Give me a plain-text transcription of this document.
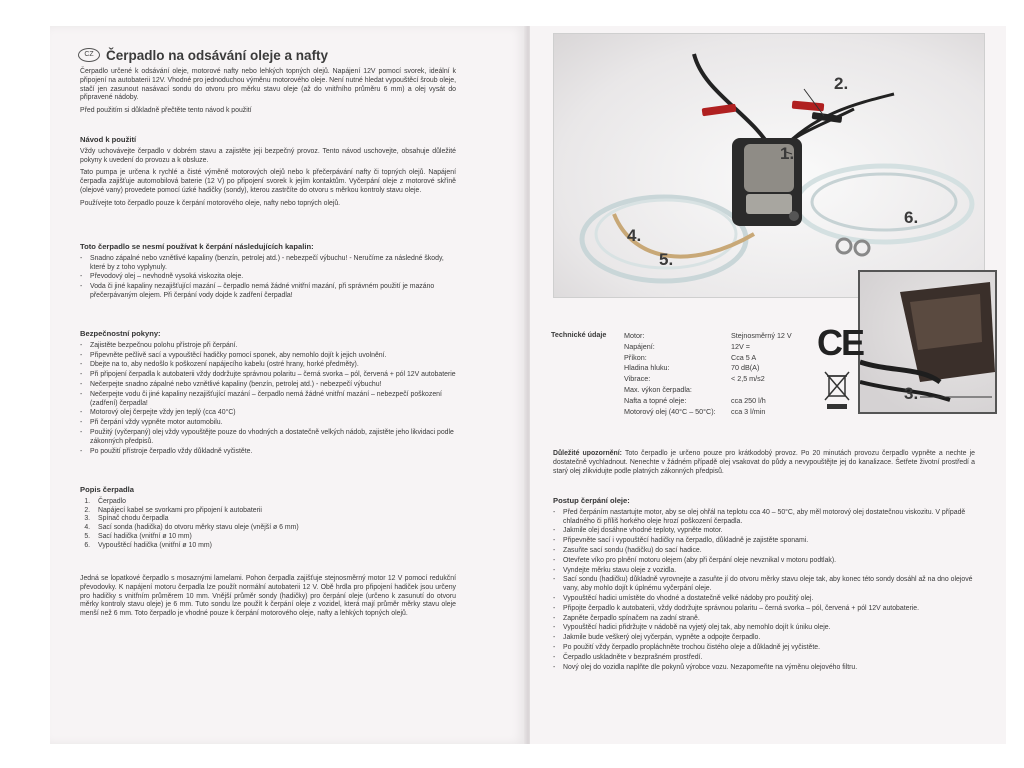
CZ Čerpadlo na odsávání oleje a nafty

Čerpadlo určené k odsávání oleje, motorové nafty nebo lehkých topných olejů. Napájení 12V pomocí svorek, ideální k připojení na autobaterii 12V. Vhodné pro jednoduchou výměnu motorového oleje. Není nutné hledat vypouštěcí šroub oleje, stačí jen zasunout nasávací sondu do otvoru pro měrku stavu oleje (až do vnitřního průměru 6 mm) a olej vysát do připravené nádoby.

Před použitím si důkladně přečtěte tento návod k použití

Návod k použití

Vždy uchovávejte čerpadlo v dobrém stavu a zajistěte jeji bezpečný provoz. Tento návod uschovejte, obsahuje důležité pokyny k uvedení do provozu a k obsluze.

Tato pumpa je určena k rychlé a čisté výměně motorových olejů nebo k přečerpávání nafty či topných olejů. Napájení čerpadla zajišťuje automobilová baterie (12 V) po připojení svorek k jejím kontaktům. Vyčerpání oleje z motorové skříně (olejové vany) provedete pomocí úzké hadičky (sondy), kterou zastrčíte do otvoru s měrkou kontroly stavu oleje.

Používejte toto čerpadlo pouze k čerpání motorového oleje, nafty nebo topných olejů.

Toto čerpadlo se nesmí používat k čerpání následujících kapalin:
- Snadno zápalné nebo vznětlivé kapaliny (benzín, petrolej atd.) - nebezpečí výbuchu! - Neručíme za následné škody, které by z toho vyplynuly.
- Převodový olej – nevhodně vysoká viskozita oleje.
- Voda či jiné kapaliny nezajišťující mazání – čerpadlo nemá žádné vnitřní mazání, při správném použití je mazáno přečerpávaným olejem. Při čerpání vody dojde k zadření čerpadla!
Bezpečnostní pokyny:
- Zajistěte bezpečnou polohu přístroje při čerpání.
- Připevněte pečlivě sací a vypouštěcí hadičky pomocí sponek, aby nemohlo dojít k jejich uvolnění.
- Dbejte na to, aby nedošlo k poškození napájecího kabelu (ostré hrany, horké předměty).
- Při připojení čerpadla k autobaterii vždy dodržujte správnou polaritu – černá svorka – pól, červená + pól 12V autobaterie
- Nečerpejte snadno zápalné nebo vznětlivé kapaliny (benzín, petrolej atd.) - nebezpečí výbuchu!
- Nečerpejte vodu či jiné kapaliny nezajišťující mazání – čerpadlo nemá žádné vnitřní mazání – nebezpečí poškození (zadření) čerpadla!
- Motorový olej čerpejte vždy jen teplý (cca 40°C)
- Při čerpání vždy vypněte motor automobilu.
- Použitý (vyčerpaný) olej vždy vypouštějte pouze do vhodných a dostatečně velkých nádob, zajistěte jeho likvidaci podle zákonných předpisů.
- Po použití přístroje čerpadlo vždy důkladně vyčistěte.
Popis čerpadla
1. Čerpadlo
2. Napájecí kabel se svorkami pro připojení k autobaterii
3. Spínač chodu čerpadla
4. Sací sonda (hadička) do otvoru měrky stavu oleje (vnější ø 6 mm)
5. Sací hadička (vnitřní ø 10 mm)
6. Vypouštěcí hadička (vnitřní ø 10 mm)

Jedná se lopatkové čerpadlo s mosaznými lamelami. Pohon čerpadla zajišťuje stejnosměrný motor 12 V pomocí redukční převodovky. K napájení motoru čerpadla lze použít normální autobaterii 12 V. Obě hrdla pro připojení hadiček jsou určeny pro hadičky s vnitřním průměrem 10 mm. Vnější průměr sondy (hadičky) pro čerpání oleje (určeno k zasunutí do otvoru měrky kontroly stavu oleje) je 6 mm. Tuto sondu lze použít k čerpání oleje z vozidel, která mají průměr měrky stavu oleje menší než 6 mm. Toto čerpadlo je vhodné pouze k čerpání motorového oleje, nafty a lehkých topných olejů.

1.
2.
4.
5.
6.
3.
Technické údaje Motor:
Napájení:
Příkon:
Hladina hluku:
Vibrace:
Max. výkon čerpadla:
Nafta a topné oleje:
Motorový olej (40°C – 50°C):
Stejnosměrný 12 V
12V =
Cca 5 A
70 dB(A)
< 2,5 m/s2
cca 250 l/h
cca 3 l/min
CE

Důležité upozornění: Toto čerpadlo je určeno pouze pro krátkodobý provoz. Po 20 minutách provozu čerpadlo vypněte a nechte je dostatečně vychladnout. Nenechte v žádném případě olej vsakovat do půdy a nevypouštějte jej do kanalizace. Šetřete životní prostředí a starý olej zlikvidujte podle platných zákonných předpisů.

Postup čerpání oleje:
- Před čerpáním nastartujte motor, aby se olej ohřál na teplotu cca 40 – 50°C, aby měl motorový olej dostatečnou viskozitu. V případě chladného či příliš horkého oleje hrozí poškození čerpadla.
- Jakmile olej dosáhne vhodné teploty, vypněte motor.
- Připevněte sací i vypouštěcí hadičky na čerpadlo, důkladně je zajistěte sponami.
- Zasuňte sací sondu (hadičku) do sací hadice.
- Otevřete víko pro plnění motoru olejem (aby při čerpání oleje nevznikal v motoru podtlak).
- Vyndejte měrku stavu oleje z vozidla.
- Sací sondu (hadičku) důkladně vyrovnejte a zasuňte jí do otvoru měrky stavu oleje tak, aby konec této sondy dosáhl až na dno olejové vany, aby mohlo dojít k úplnému vyčerpání oleje.
- Vypouštěcí hadici umístěte do vhodné a dostatečně velké nádoby pro použitý olej.
- Připojte čerpadlo k autobaterii, vždy dodržujte správnou polaritu – černá svorka – pól, červená + pól 12V autobaterie.
- Zapněte čerpadlo spínačem na zadní straně.
- Vypouštěcí hadici přidržujte v nádobě na vyjetý olej tak, aby nemohlo dojít k úniku oleje.
- Jakmile bude veškerý olej vyčerpán, vypněte a odpojte čerpadlo.
- Po použití vždy čerpadlo propláchněte trochou čistého oleje a důkladně jej vyčistěte.
- Čerpadlo uskladněte v bezprašném prostředí.
- Nový olej do vozidla naplňte dle pokynů výrobce vozu. Nezapomeňte na výměnu olejového filtru.
